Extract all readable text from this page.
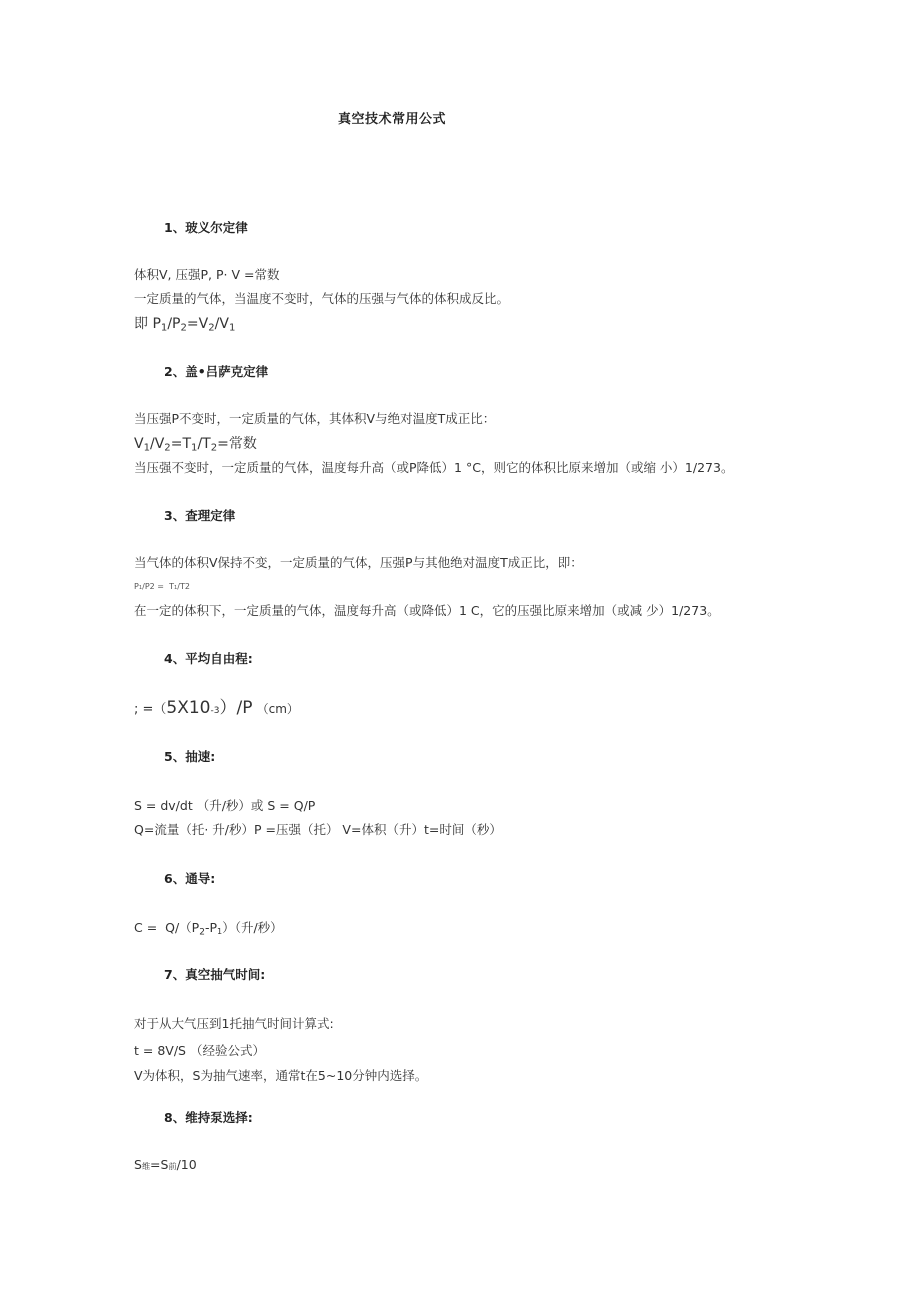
真空技术常用公式
1、玻义尔定律
体积V, 压强P, P· V =常数
一定质量的气体，当温度不变时，气体的压强与气体的体积成反比。
即 $P_1/P_2=V_2/V_1$
2、盖•吕萨克定律
当压强P不变时，一定质量的气体，其体积V与绝对温度T成正比：
$V_1/V_2=T_1/T_2=$常数
当压强不变时，一定质量的气体，温度每升高（或P降低）1 °C，则它的体积比原来增加（或缩 小）1/273。
3、查理定律
当气体的体积V保持不变，一定质量的气体，压强P与其他绝对温度T成正比，即：
P1/P2 =  T1/T2
在一定的体积下，一定质量的气体，温度每升高（或降低）1 C，它的压强比原来增加（或减 少）1/273。
4、平均自由程:
; =（5X10-3）/P （cm）
5、抽速:
S = dv/dt （升/秒）或 S = Q/P
Q=流量（托· 升/秒）P =压强（托） V=体积（升）t=时间（秒）
6、通导:
$C = Q/(P_2-P_1)$（升/秒）
7、真空抽气时间:
对于从大气压到1托抽气时间计算式:
t = 8V/S （经验公式）
V为体积，S为抽气速率，通常t在5~10分钟内选择。
8、维持泵选择:
S维=S前/10
